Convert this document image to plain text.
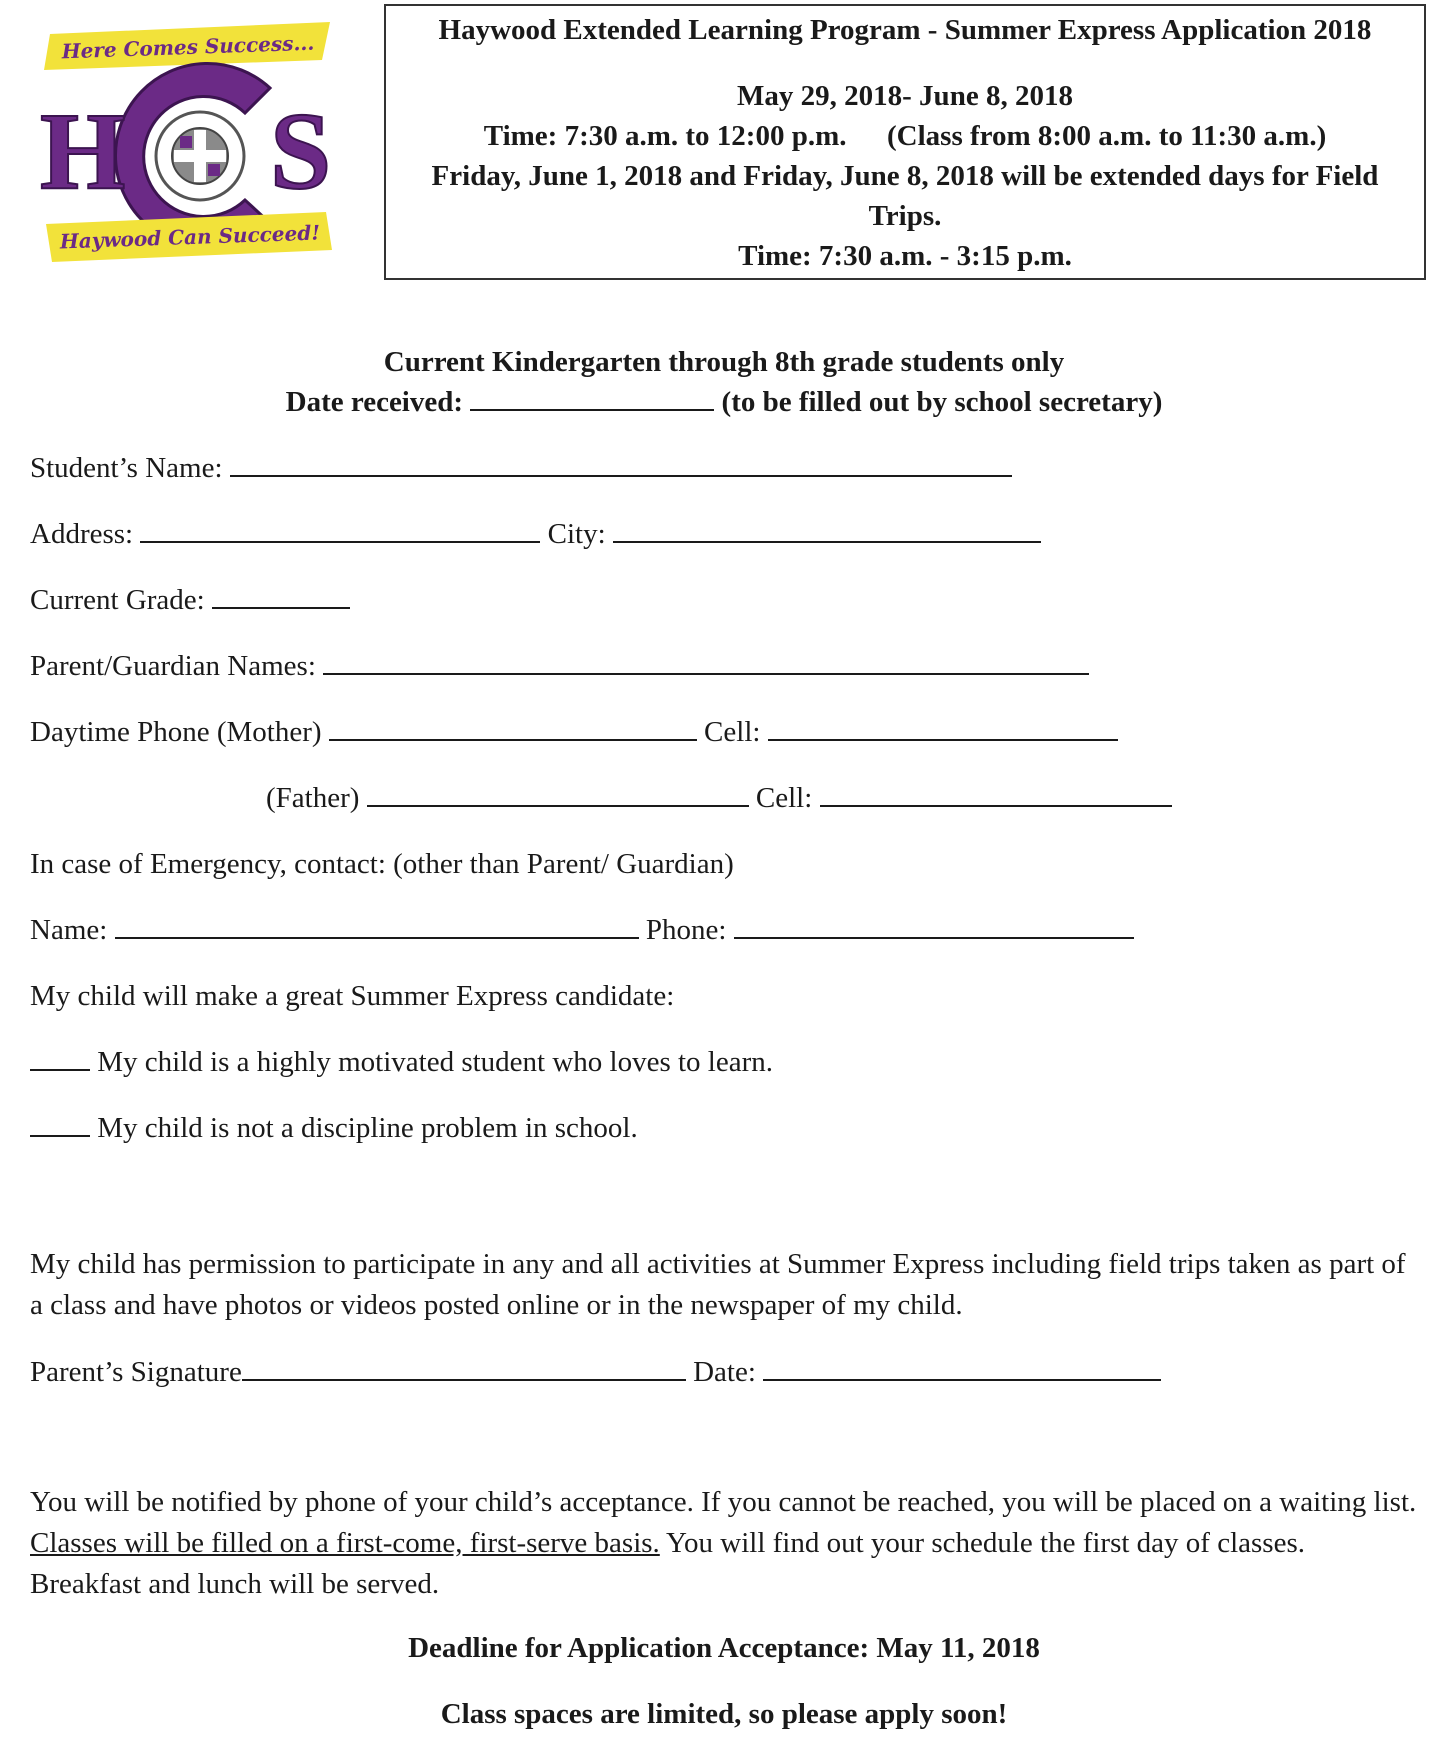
Here Comes Success...
H S
Haywood Can Succeed!
Haywood Extended Learning Program - Summer Express Application 2018
May 29, 2018- June 8, 2018
Time: 7:30 a.m. to 12:00 p.m. (Class from 8:00 a.m. to 11:30 a.m.)
Friday, June 1, 2018 and Friday, June 8, 2018 will be extended days for Field
Trips.
Time: 7:30 a.m. - 3:15 p.m.
Current Kindergarten through 8th grade students only
Date received:	(to be filled out by school secretary)
Student’s Name:
Address:	City:
Current Grade:
Parent/Guardian Names:
Daytime Phone (Mother)	Cell:
(Father)	Cell:
In case of Emergency, contact: (other than Parent/ Guardian)
Name:	Phone:
My child will make a great Summer Express candidate:
My child is a highly motivated student who loves to learn.
My child is not a discipline problem in school.
My child has permission to participate in any and all activities at Summer Express including field trips taken as part of a class and have photos or videos posted online or in the newspaper of my child.
Parent’s Signature	Date:
You will be notified by phone of your child’s acceptance. If you cannot be reached, you will be placed on a waiting list. Classes will be filled on a first-come, first-serve basis. You will find out your schedule the first day of classes. Breakfast and lunch will be served.
Deadline for Application Acceptance: May 11, 2018
Class spaces are limited, so please apply soon!
